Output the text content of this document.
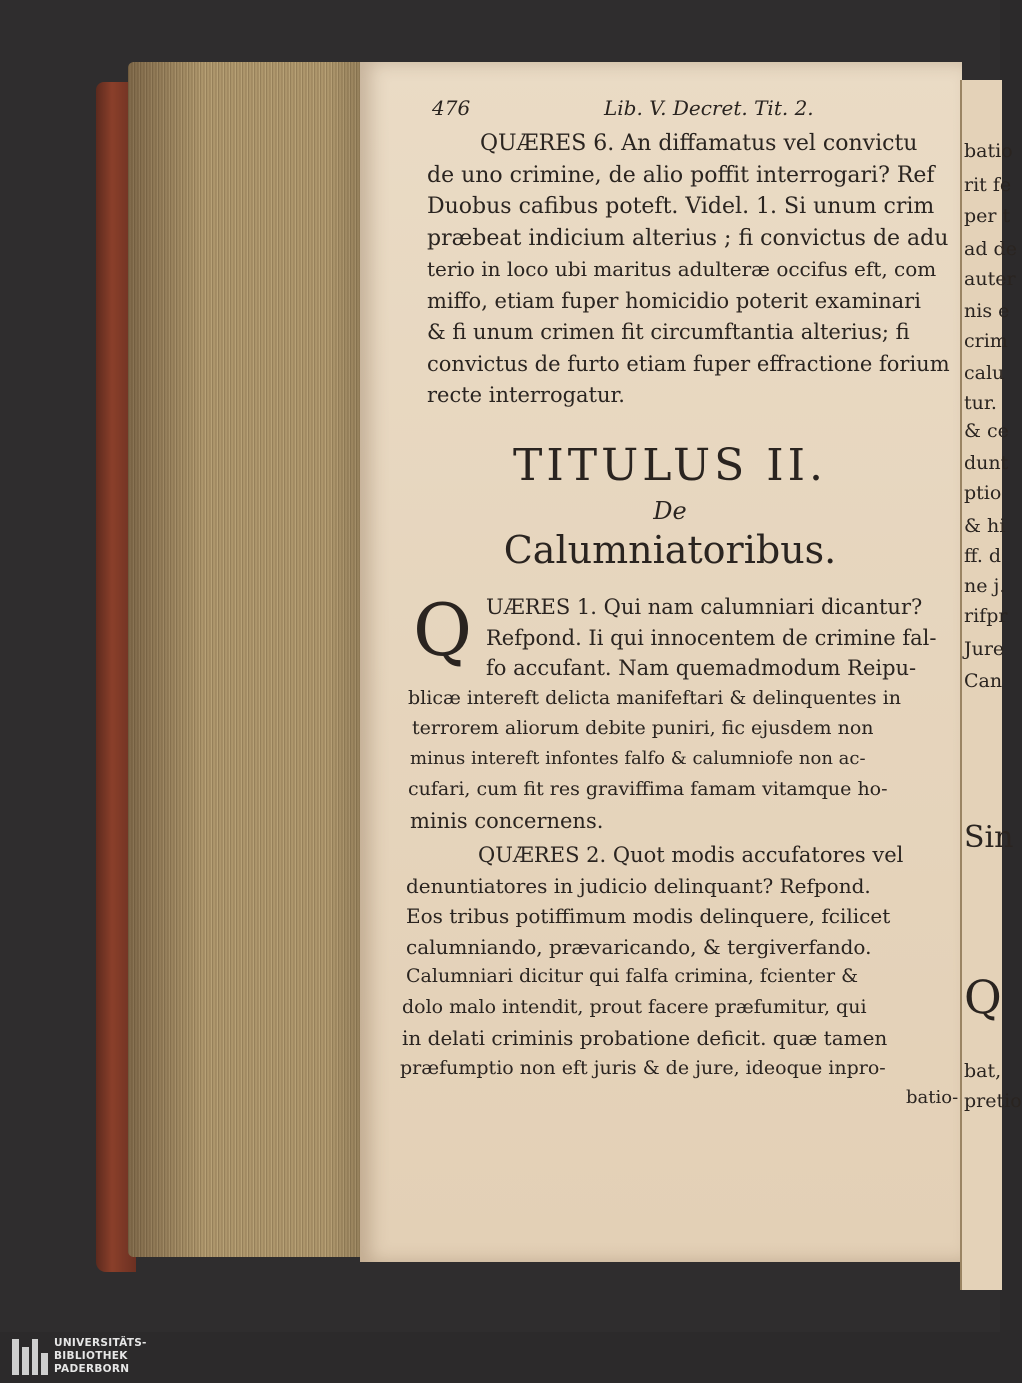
batio
rit fe
per t
ad de
auter
nis e
crim
calu
tur.
& ce
dunt
ptio
& hi
ff. d
ne j.
rifpr
Jure
Can
Sin
Q
bat,
pretio
476	Lib. V. Decret. Tit. 2.
QUÆRES 6. An diffamatus vel convictu
de uno crimine, de alio poffit interrogari? Ref
Duobus cafibus poteft. Videl. 1. Si unum crim
præbeat indicium alterius ; fi convictus de adu
terio in loco ubi maritus adulteræ occifus eft, com
miffo, etiam fuper homicidio poterit examinari
& fi unum crimen fit circumftantia alterius; fi
convictus de furto etiam fuper effractione forium
recte interrogatur.
TITULUS II.
De
Calumniatoribus.
Q UÆRES 1. Qui nam calumniari dicantur?
Refpond. Ii qui innocentem de crimine fal-
fo accufant. Nam quemadmodum Reipu-
blicæ intereft delicta manifeftari & delinquentes in
terrorem aliorum debite puniri, fic ejusdem non
minus intereft infontes falfo & calumniofe non ac-
cufari, cum fit res graviffima famam vitamque ho-
minis concernens.
QUÆRES 2. Quot modis accufatores vel
denuntiatores in judicio delinquant? Refpond.
Eos tribus potiffimum modis delinquere, fcilicet
calumniando, prævaricando, & tergiverfando.
Calumniari dicitur qui falfa crimina, fcienter &
dolo malo intendit, prout facere præfumitur, qui
in delati criminis probatione deficit. quæ tamen
præfumptio non eft juris & de jure, ideoque inpro-
batio-
UNIVERSITÄTS-
BIBLIOTHEK
PADERBORN
